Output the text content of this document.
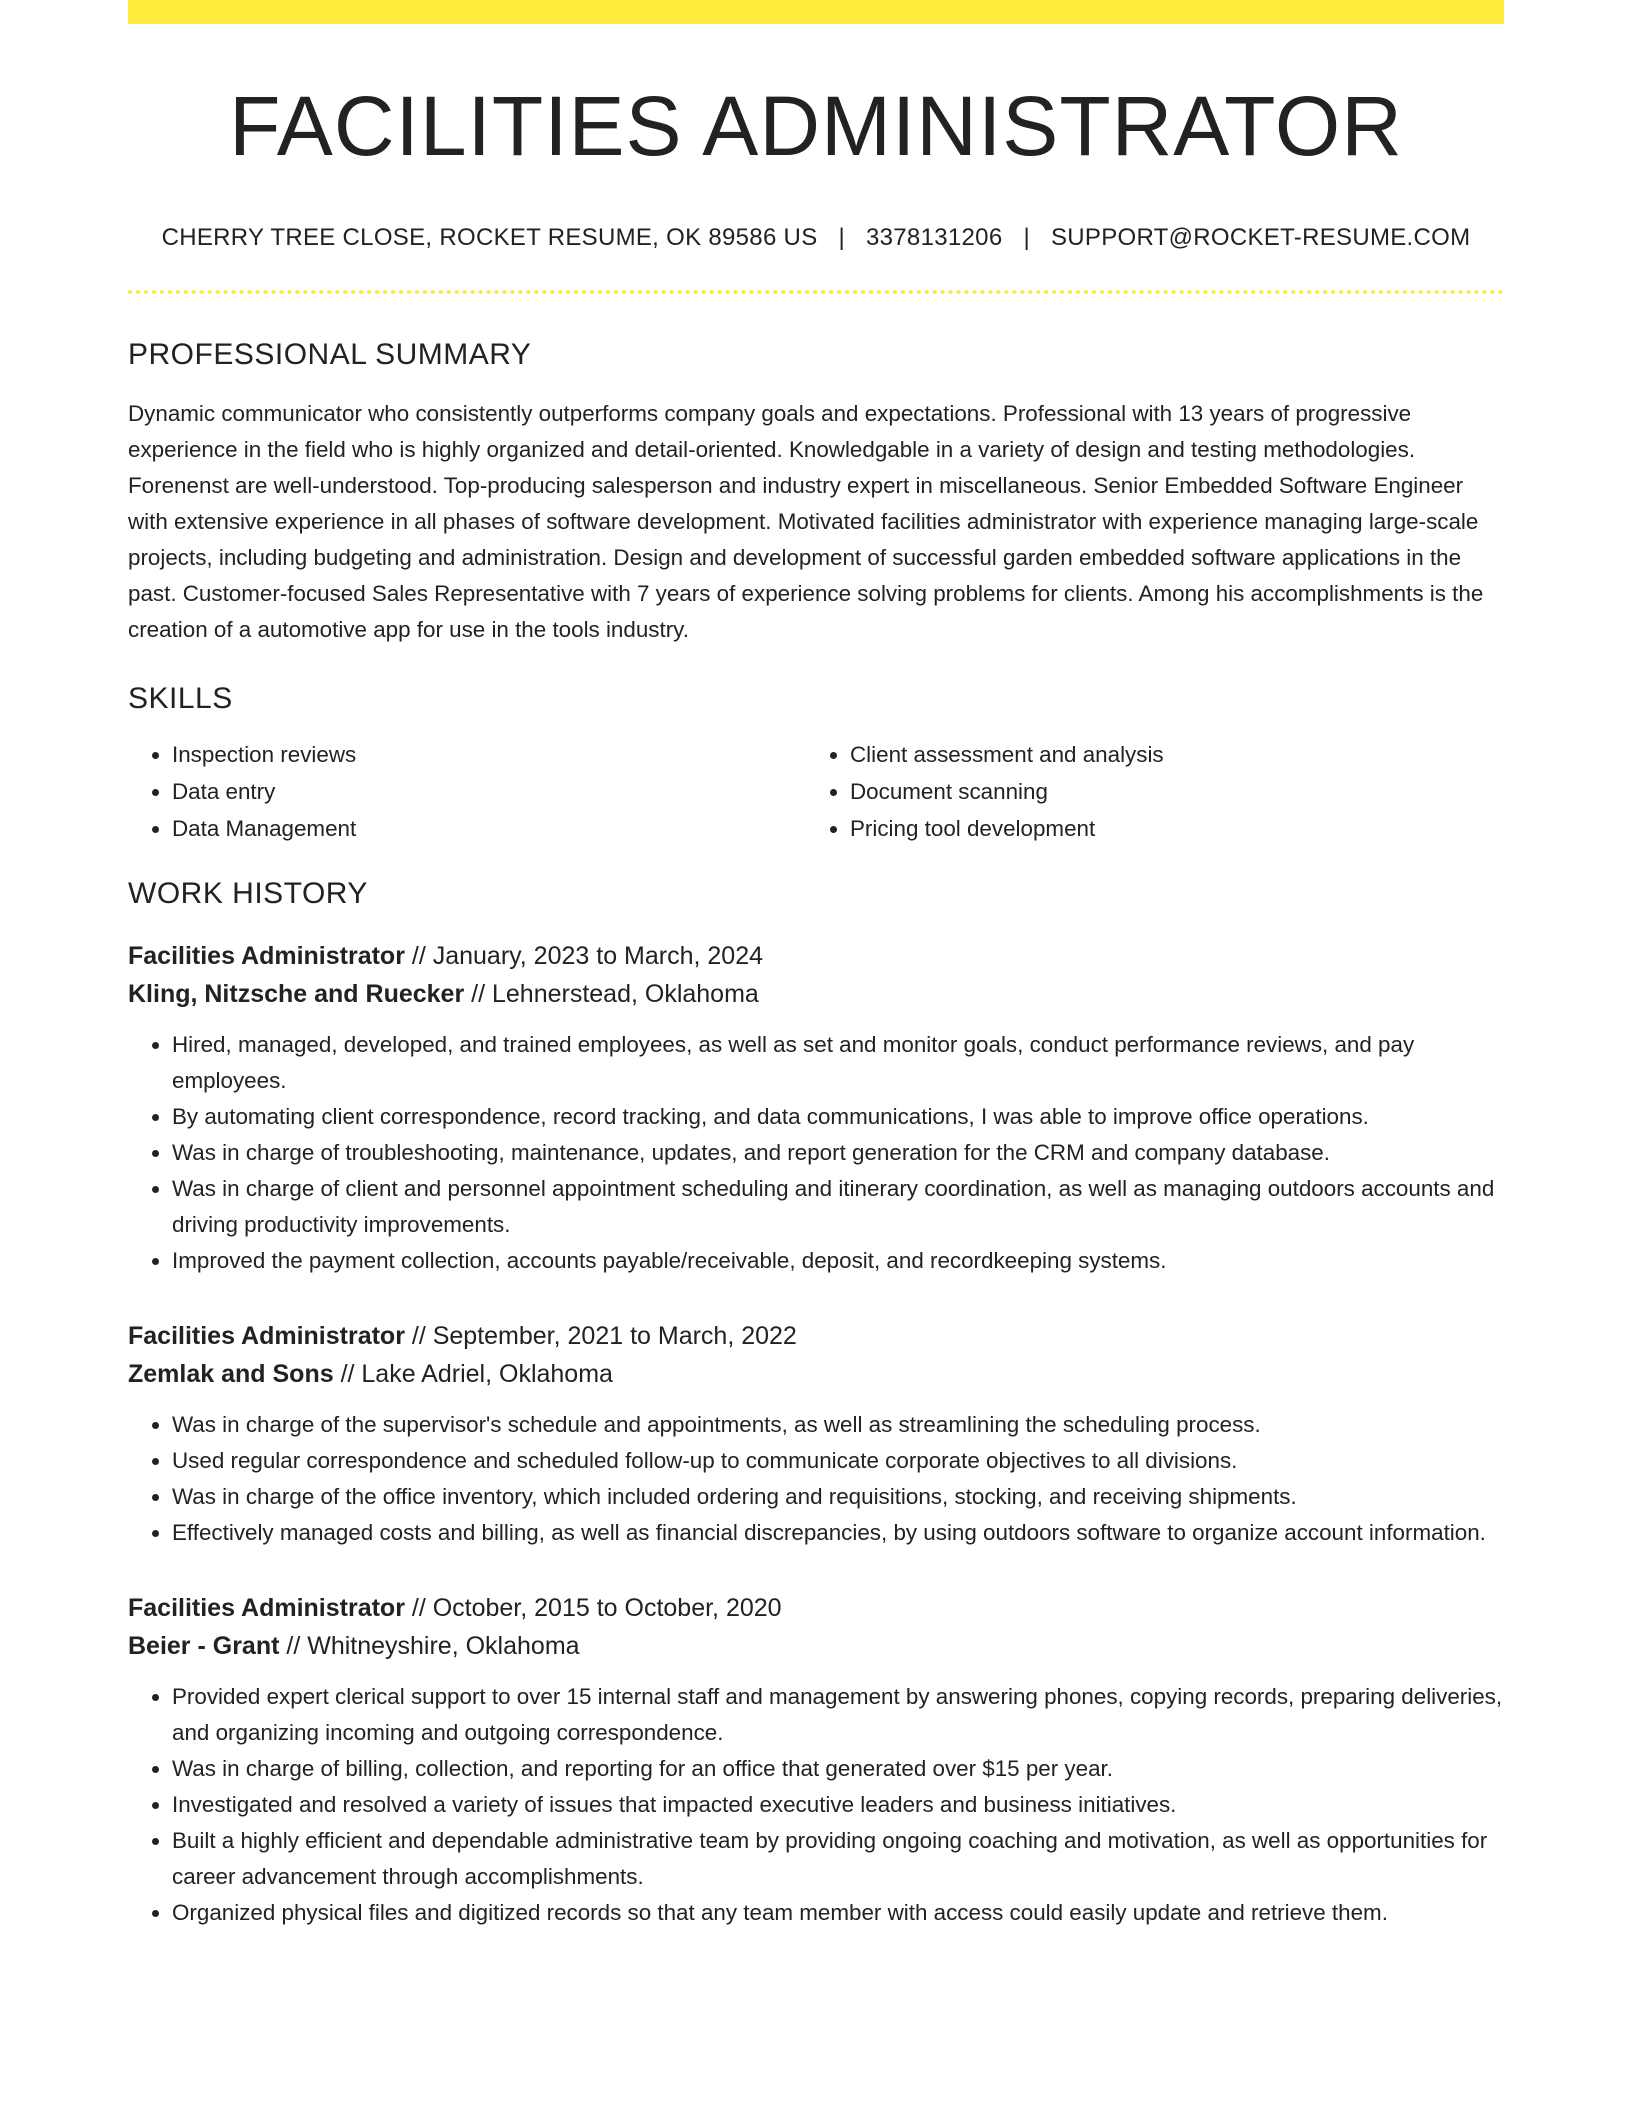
FACILITIES ADMINISTRATOR
CHERRY TREE CLOSE, ROCKET RESUME, OK 89586 US | 3378131206 | SUPPORT@ROCKET-RESUME.COM
PROFESSIONAL SUMMARY

Dynamic communicator who consistently outperforms company goals and expectations. Professional with 13 years of progressive experience in the field who is highly organized and detail-oriented. Knowledgable in a variety of design and testing methodologies. Forenenst are well-understood. Top-producing salesperson and industry expert in miscellaneous. Senior Embedded Software Engineer with extensive experience in all phases of software development. Motivated facilities administrator with experience managing large-scale projects, including budgeting and administration. Design and development of successful garden embedded software applications in the past. Customer-focused Sales Representative with 7 years of experience solving problems for clients. Among his accomplishments is the creation of a automotive app for use in the tools industry.

SKILLS
• Inspection reviews
• Data entry
• Data Management
• Client assessment and analysis
• Document scanning
• Pricing tool development
WORK HISTORY
Facilities Administrator // January, 2023 to March, 2024
Kling, Nitzsche and Ruecker // Lehnerstead, Oklahoma
• Hired, managed, developed, and trained employees, as well as set and monitor goals, conduct performance reviews, and pay employees.
• By automating client correspondence, record tracking, and data communications, I was able to improve office operations.
• Was in charge of troubleshooting, maintenance, updates, and report generation for the CRM and company database.
• Was in charge of client and personnel appointment scheduling and itinerary coordination, as well as managing outdoors accounts and driving productivity improvements.
• Improved the payment collection, accounts payable/receivable, deposit, and recordkeeping systems.
Facilities Administrator // September, 2021 to March, 2022
Zemlak and Sons // Lake Adriel, Oklahoma
• Was in charge of the supervisor's schedule and appointments, as well as streamlining the scheduling process.
• Used regular correspondence and scheduled follow-up to communicate corporate objectives to all divisions.
• Was in charge of the office inventory, which included ordering and requisitions, stocking, and receiving shipments.
• Effectively managed costs and billing, as well as financial discrepancies, by using outdoors software to organize account information.
Facilities Administrator // October, 2015 to October, 2020
Beier - Grant // Whitneyshire, Oklahoma
• Provided expert clerical support to over 15 internal staff and management by answering phones, copying records, preparing deliveries, and organizing incoming and outgoing correspondence.
• Was in charge of billing, collection, and reporting for an office that generated over $15 per year.
• Investigated and resolved a variety of issues that impacted executive leaders and business initiatives.
• Built a highly efficient and dependable administrative team by providing ongoing coaching and motivation, as well as opportunities for career advancement through accomplishments.
• Organized physical files and digitized records so that any team member with access could easily update and retrieve them.
